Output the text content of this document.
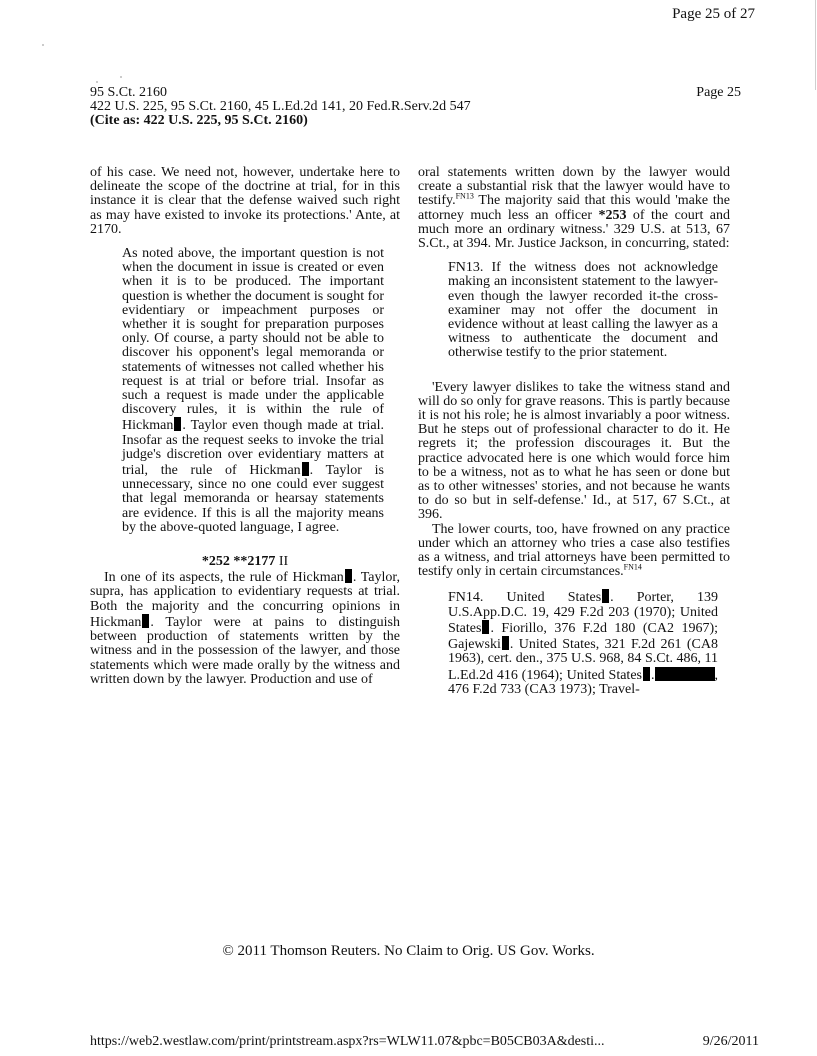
Page 25 of 27
Page 25
95 S.Ct. 2160
422 U.S. 225, 95 S.Ct. 2160, 45 L.Ed.2d 141, 20 Fed.R.Serv.2d 547
(Cite as: 422 U.S. 225, 95 S.Ct. 2160)

of his case. We need not, however, undertake here to delineate the scope of the doctrine at trial, for in this instance it is clear that the defense waived such right as may have existed to invoke its protections.' Ante, at 2170.

As noted above, the important question is not when the document in issue is created or even when it is to be produced. The important question is whether the document is sought for evidentiary or impeachment purposes or whether it is sought for preparation purposes only. Of course, a party should not be able to discover his opponent's legal memoranda or statements of witnesses not called whether his request is at trial or before trial. Insofar as such a request is made under the applicable discovery rules, it is within the rule of Hickman . Taylor even though made at trial. Insofar as the request seeks to invoke the trial judge's discretion over evidentiary matters at trial, the rule of Hickman . Taylor is unnecessary, since no one could ever suggest that legal memoranda or hearsay statements are evidence. If this is all the majority means by the above-quoted language, I agree.

*252 **2177 II

In one of its aspects, the rule of Hickman . Taylor, supra, has application to evidentiary requests at trial. Both the majority and the concurring opinions in Hickman . Taylor were at pains to distinguish between production of statements written by the witness and in the possession of the lawyer, and those statements which were made orally by the witness and written down by the lawyer. Production and use of

oral statements written down by the lawyer would create a substantial risk that the lawyer would have to testify.$^{FN13}$ The majority said that this would 'make the attorney much less an officer *253 of the court and much more an ordinary witness.' 329 U.S. at 513, 67 S.Ct., at 394. Mr. Justice Jackson, in concurring, stated:

FN13. If the witness does not acknowledge making an inconsistent statement to the lawyer-even though the lawyer recorded it-the cross-examiner may not offer the document in evidence without at least calling the lawyer as a witness to authenticate the document and otherwise testify to the prior statement.

'Every lawyer dislikes to take the witness stand and will do so only for grave reasons. This is partly because it is not his role; he is almost invariably a poor witness. But he steps out of professional character to do it. He regrets it; the profession discourages it. But the practice advocated here is one which would force him to be a witness, not as to what he has seen or done but as to other witnesses' stories, and not because he wants to do so but in self-defense.' Id., at 517, 67 S.Ct., at 396.

The lower courts, too, have frowned on any practice under which an attorney who tries a case also testifies as a witness, and trial attorneys have been permitted to testify only in certain circumstances.$^{FN14}$

FN14. United States . Porter, 139 U.S.App.D.C. 19, 429 F.2d 203 (1970); United States . Fiorillo, 376 F.2d 180 (CA2 1967); Gajewski . United States, 321 F.2d 261 (CA8 1963), cert. den., 375 U.S. 968, 84 S.Ct. 486, 11 L.Ed.2d 416 (1964); United States .	, 476 F.2d 733 (CA3 1973); Travel-

© 2011 Thomson Reuters. No Claim to Orig. US Gov. Works.
https://web2.westlaw.com/print/printstream.aspx?rs=WLW11.07&pbc=B05CB03A&desti...	9/26/2011
